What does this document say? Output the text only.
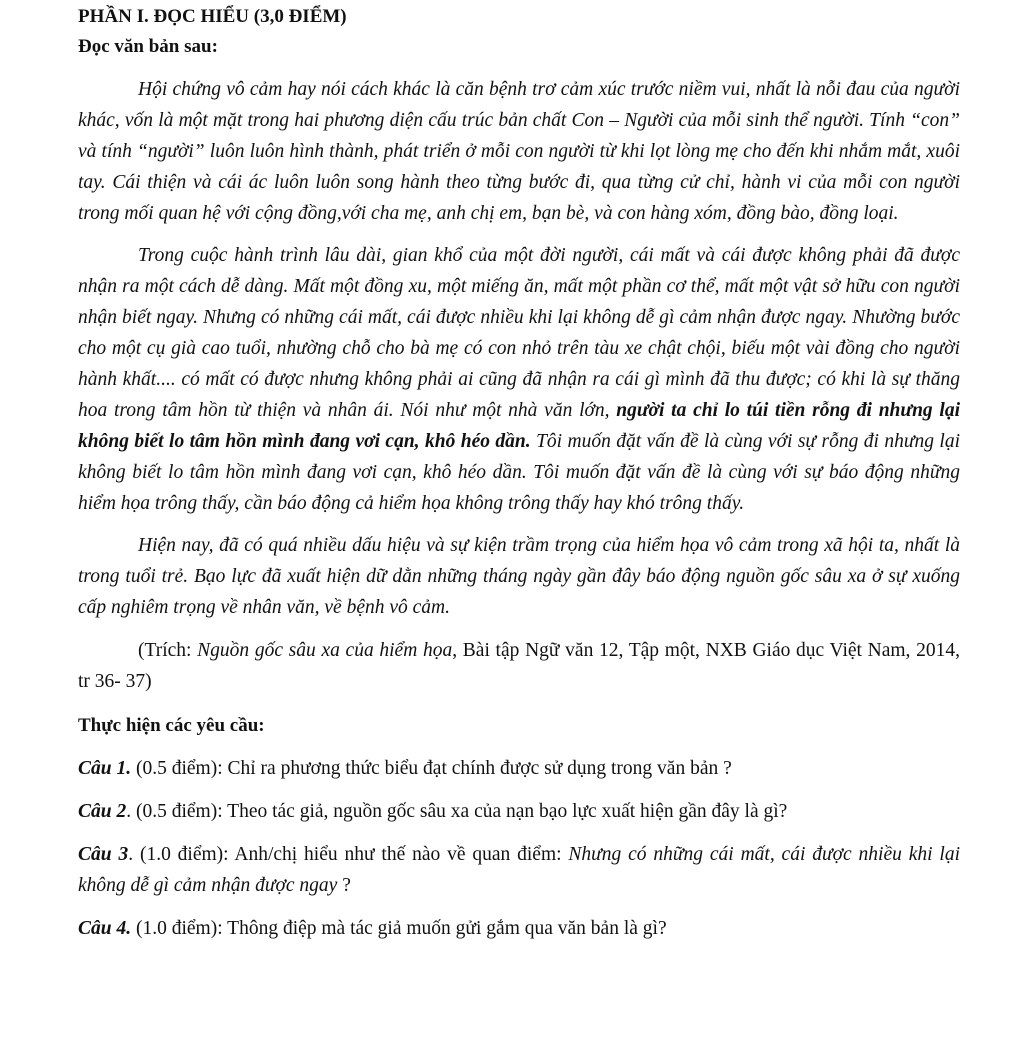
PHẦN I. ĐỌC HIỂU (3,0 ĐIỂM)
Đọc văn bản sau:

Hội chứng vô cảm hay nói cách khác là căn bệnh trơ cảm xúc trước niềm vui, nhất là nỗi đau của người khác, vốn là một mặt trong hai phương diện cấu trúc bản chất Con – Người của mỗi sinh thể người. Tính “con” và tính “người” luôn luôn hình thành, phát triển ở mỗi con người từ khi lọt lòng mẹ cho đến khi nhắm mắt, xuôi tay. Cái thiện và cái ác luôn luôn song hành theo từng bước đi, qua từng cử chỉ, hành vi của mỗi con người trong mối quan hệ với cộng đồng,với cha mẹ, anh chị em, bạn bè, và con hàng xóm, đồng bào, đồng loại.

Trong cuộc hành trình lâu dài, gian khổ của một đời người, cái mất và cái được không phải đã được nhận ra một cách dễ dàng. Mất một đồng xu, một miếng ăn, mất một phần cơ thể, mất một vật sở hữu con người nhận biết ngay. Nhưng có những cái mất, cái được nhiều khi lại không dễ gì cảm nhận được ngay. Nhường bước cho một cụ già cao tuổi, nhường chỗ cho bà mẹ có con nhỏ trên tàu xe chật chội, biếu một vài đồng cho người hành khất.... có mất có được nhưng không phải ai cũng đã nhận ra cái gì mình đã thu được; có khi là sự thăng hoa trong tâm hồn từ thiện và nhân ái. Nói như một nhà văn lớn, người ta chỉ lo túi tiền rỗng đi nhưng lại không biết lo tâm hồn mình đang vơi cạn, khô héo dần. Tôi muốn đặt vấn đề là cùng với sự rỗng đi nhưng lại không biết lo tâm hồn mình đang vơi cạn, khô héo dần. Tôi muốn đặt vấn đề là cùng với sự báo động những hiểm họa trông thấy, cần báo động cả hiểm họa không trông thấy hay khó trông thấy.

Hiện nay, đã có quá nhiều dấu hiệu và sự kiện trầm trọng của hiểm họa vô cảm trong xã hội ta, nhất là trong tuổi trẻ. Bạo lực đã xuất hiện dữ dằn những tháng ngày gần đây báo động nguồn gốc sâu xa ở sự xuống cấp nghiêm trọng về nhân văn, về bệnh vô cảm.

(Trích: Nguồn gốc sâu xa của hiểm họa, Bài tập Ngữ văn 12, Tập một, NXB Giáo dục Việt Nam, 2014, tr 36- 37)

Thực hiện các yêu cầu:

Câu 1. (0.5 điểm): Chỉ ra phương thức biểu đạt chính được sử dụng trong văn bản ?

Câu 2. (0.5 điểm): Theo tác giả, nguồn gốc sâu xa của nạn bạo lực xuất hiện gần đây là gì?

Câu 3. (1.0 điểm): Anh/chị hiểu như thế nào về quan điểm: Nhưng có những cái mất, cái được nhiều khi lại không dễ gì cảm nhận được ngay ?

Câu 4. (1.0 điểm): Thông điệp mà tác giả muốn gửi gắm qua văn bản là gì?
